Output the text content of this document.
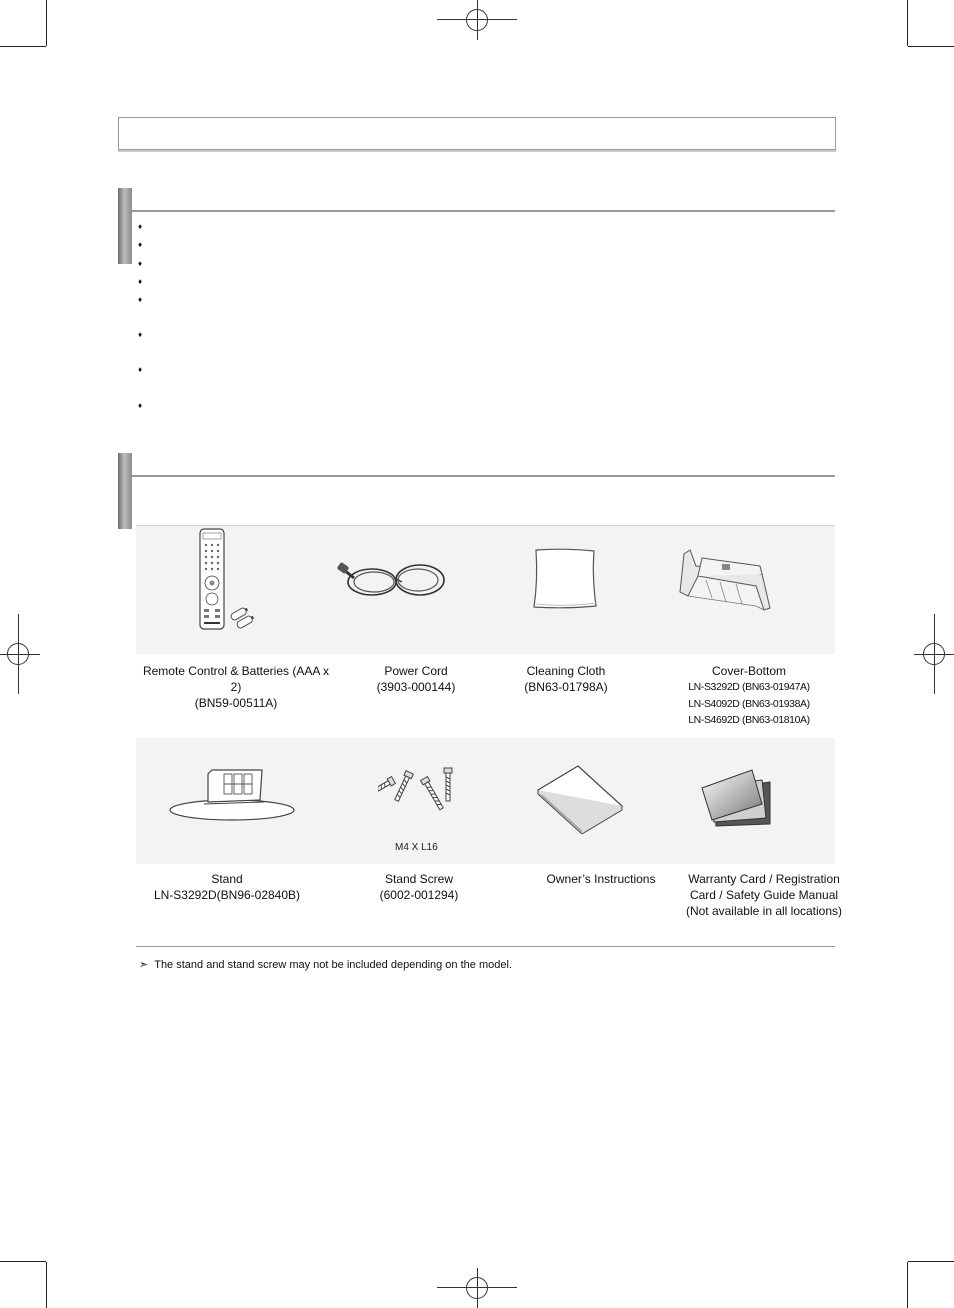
♦
♦
♦
♦
♦
♦
♦
♦
Remote Control & Batteries (AAA x 2)
(BN59-00511A)
Power Cord
(3903-000144)
Cleaning Cloth
(BN63-01798A)
Cover-Bottom
LN-S3292D (BN63-01947A)
LN-S4092D (BN63-01938A)
LN-S4692D (BN63-01810A)
M4 X L16
Stand
LN-S3292D(BN96-02840B)
Stand Screw
(6002-001294)
Owner’s Instructions	Warranty Card / Registration
Card / Safety Guide Manual
(Not available in all locations)
➣ The stand and stand screw may not be included depending on the model.
